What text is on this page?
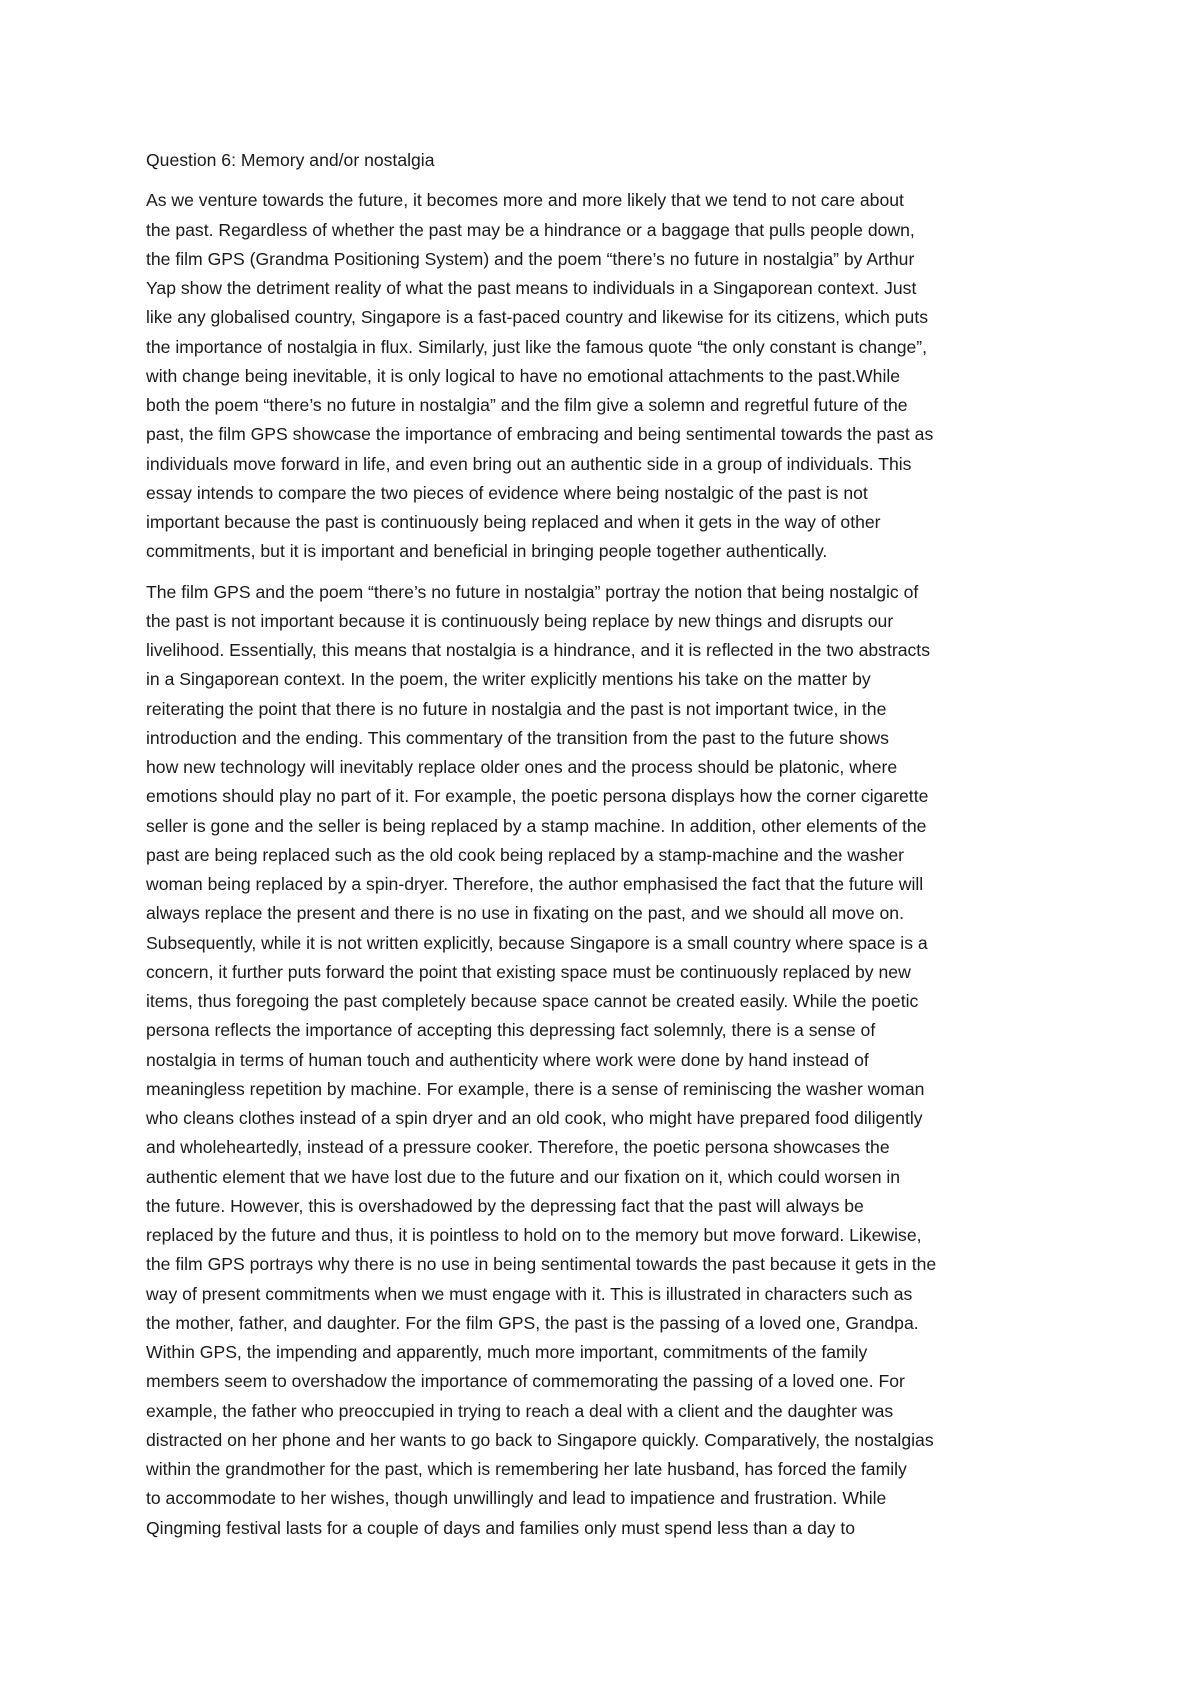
Question 6: Memory and/or nostalgia
As we venture towards the future, it becomes more and more likely that we tend to not care about
the past. Regardless of whether the past may be a hindrance or a baggage that pulls people down,
the film GPS (Grandma Positioning System) and the poem “there’s no future in nostalgia” by Arthur
Yap show the detriment reality of what the past means to individuals in a Singaporean context. Just
like any globalised country, Singapore is a fast-paced country and likewise for its citizens, which puts
the importance of nostalgia in flux. Similarly, just like the famous quote “the only constant is change”,
with change being inevitable, it is only logical to have no emotional attachments to the past.While
both the poem “there’s no future in nostalgia” and the film give a solemn and regretful future of the
past, the film GPS showcase the importance of embracing and being sentimental towards the past as
individuals move forward in life, and even bring out an authentic side in a group of individuals. This
essay intends to compare the two pieces of evidence where being nostalgic of the past is not
important because the past is continuously being replaced and when it gets in the way of other
commitments, but it is important and beneficial in bringing people together authentically.
The film GPS and the poem “there’s no future in nostalgia” portray the notion that being nostalgic of
the past is not important because it is continuously being replace by new things and disrupts our
livelihood. Essentially, this means that nostalgia is a hindrance, and it is reflected in the two abstracts
in a Singaporean context. In the poem, the writer explicitly mentions his take on the matter by
reiterating the point that there is no future in nostalgia and the past is not important twice, in the
introduction and the ending. This commentary of the transition from the past to the future shows
how new technology will inevitably replace older ones and the process should be platonic, where
emotions should play no part of it. For example, the poetic persona displays how the corner cigarette
seller is gone and the seller is being replaced by a stamp machine. In addition, other elements of the
past are being replaced such as the old cook being replaced by a stamp-machine and the washer
woman being replaced by a spin-dryer. Therefore, the author emphasised the fact that the future will
always replace the present and there is no use in fixating on the past, and we should all move on.
Subsequently, while it is not written explicitly, because Singapore is a small country where space is a
concern, it further puts forward the point that existing space must be continuously replaced by new
items, thus foregoing the past completely because space cannot be created easily. While the poetic
persona reflects the importance of accepting this depressing fact solemnly, there is a sense of
nostalgia in terms of human touch and authenticity where work were done by hand instead of
meaningless repetition by machine. For example, there is a sense of reminiscing the washer woman
who cleans clothes instead of a spin dryer and an old cook, who might have prepared food diligently
and wholeheartedly, instead of a pressure cooker. Therefore, the poetic persona showcases the
authentic element that we have lost due to the future and our fixation on it, which could worsen in
the future. However, this is overshadowed by the depressing fact that the past will always be
replaced by the future and thus, it is pointless to hold on to the memory but move forward. Likewise,
the film GPS portrays why there is no use in being sentimental towards the past because it gets in the
way of present commitments when we must engage with it. This is illustrated in characters such as
the mother, father, and daughter. For the film GPS, the past is the passing of a loved one, Grandpa.
Within GPS, the impending and apparently, much more important, commitments of the family
members seem to overshadow the importance of commemorating the passing of a loved one. For
example, the father who preoccupied in trying to reach a deal with a client and the daughter was
distracted on her phone and her wants to go back to Singapore quickly. Comparatively, the nostalgias
within the grandmother for the past, which is remembering her late husband, has forced the family
to accommodate to her wishes, though unwillingly and lead to impatience and frustration. While
Qingming festival lasts for a couple of days and families only must spend less than a day to
